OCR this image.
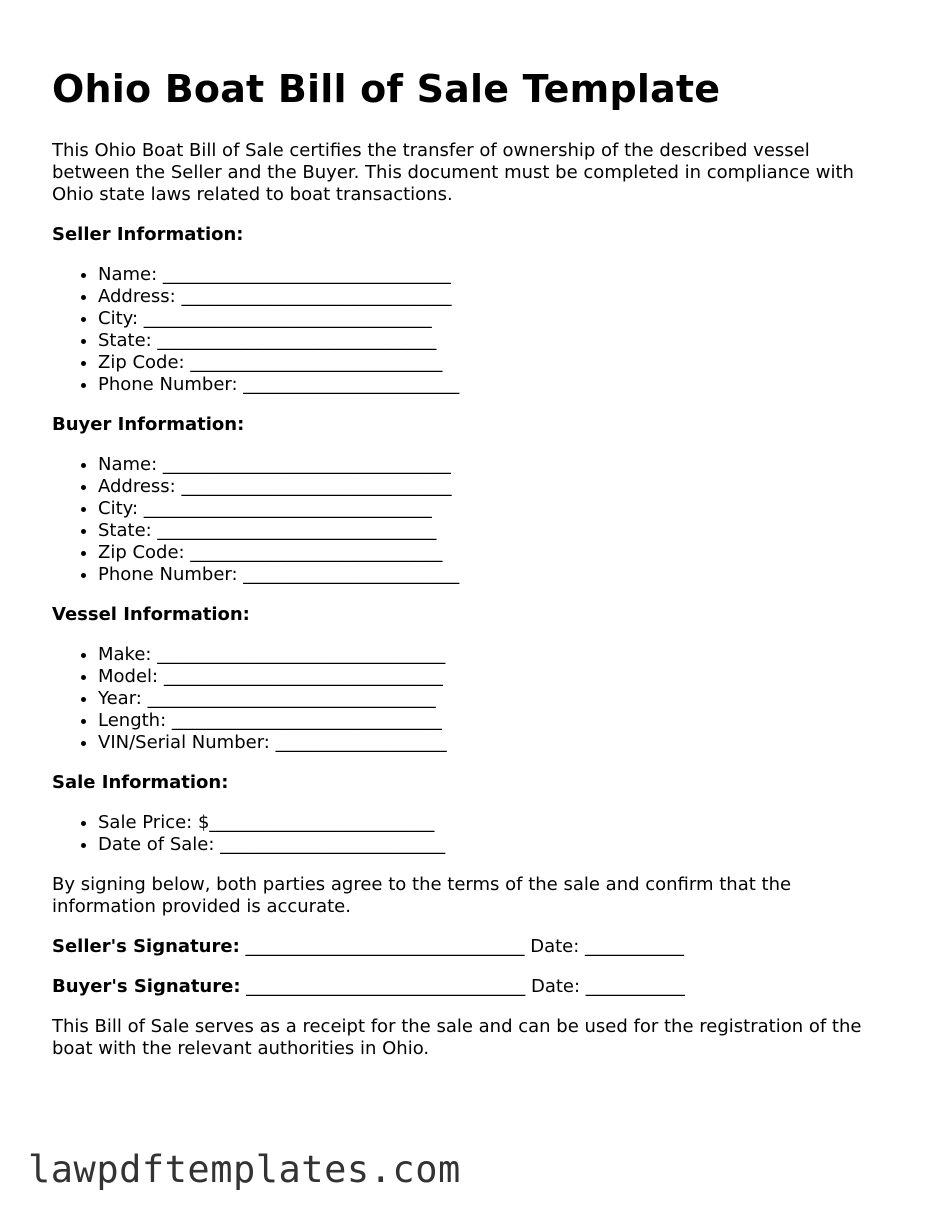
Ohio Boat Bill of Sale Template

This Ohio Boat Bill of Sale certifies the transfer of ownership of the described vessel between the Seller and the Buyer. This document must be completed in compliance with Ohio state laws related to boat transactions.

Seller Information:
• Name: ________________________________
• Address: ______________________________
• City: ________________________________
• State: _______________________________
• Zip Code: ____________________________
• Phone Number: ________________________
Buyer Information:
• Name: ________________________________
• Address: ______________________________
• City: ________________________________
• State: _______________________________
• Zip Code: ____________________________
• Phone Number: ________________________
Vessel Information:
• Make: ________________________________
• Model: _______________________________
• Year: ________________________________
• Length: ______________________________
• VIN/Serial Number: ___________________
Sale Information:
• Sale Price: $_________________________
• Date of Sale: _________________________

By signing below, both parties agree to the terms of the sale and confirm that the information provided is accurate.

Seller's Signature: _______________________________ Date: ___________
Buyer's Signature: _______________________________ Date: ___________

This Bill of Sale serves as a receipt for the sale and can be used for the registration of the boat with the relevant authorities in Ohio.

lawpdftemplates.com
